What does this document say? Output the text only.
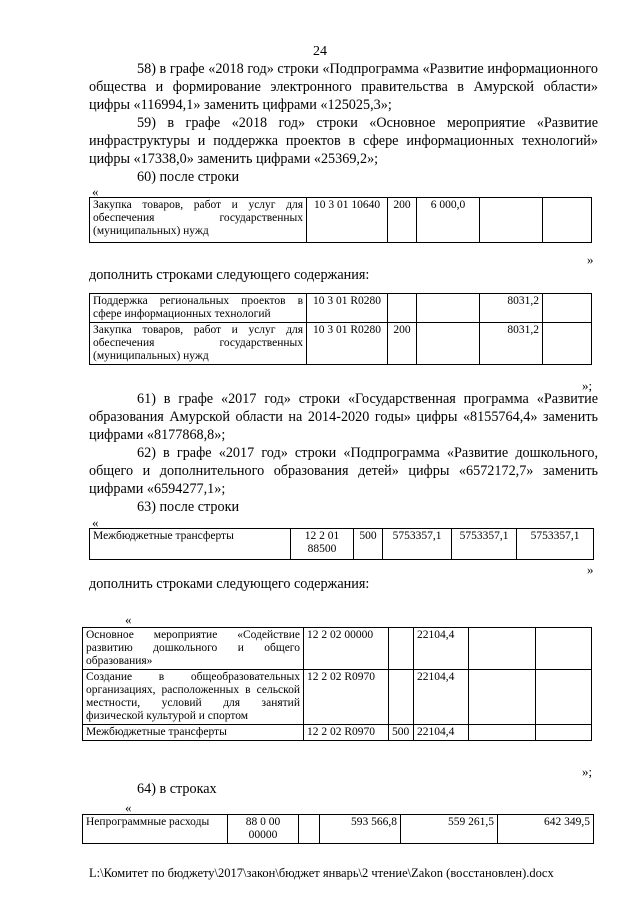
24
58) в графе «2018 год» строки «Подпрограмма «Развитие информационного общества и формирование электронного правительства в Амурской области» цифры «116994,1» заменить цифрами «125025,3»;
59) в графе «2018 год» строки «Основное мероприятие «Развитие инфраструктуры и поддержка проектов в сфере информационных технологий» цифры «17338,0» заменить цифрами «25369,2»;
60) после строки
«
Закупка товаров, работ и услуг для обеспечения государственных (муниципальных) нужд	10 3 01 10640	200	6 000,0		
»
дополнить строками следующего содержания:
Поддержка региональных проектов в сфере информационных технологий	10 3 01 R0280			8031,2	
Закупка товаров, работ и услуг для обеспечения государственных (муниципальных) нужд	10 3 01 R0280	200		8031,2	
»;
61) в графе «2017 год» строки «Государственная программа «Развитие образования Амурской области на 2014-2020 годы» цифры «8155764,4» заменить цифрами «8177868,8»;
62) в графе «2017 год» строки «Подпрограмма «Развитие дошкольного, общего и дополнительного образования детей» цифры «6572172,7» заменить цифрами «6594277,1»;
63) после строки
«
Межбюджетные трансферты	12 2 01 88500	500	5753357,1	5753357,1	5753357,1
»
дополнить строками следующего содержания:
«
Основное мероприятие «Содействие развитию дошкольного и общего образования»	12 2 02 00000		22104,4		
Создание в общеобразовательных организациях, расположенных в сельской местности, условий для занятий физической культурой и спортом	12 2 02 R0970		22104,4		
Межбюджетные трансферты	12 2 02 R0970	500	22104,4		
»;
64) в строках
«
Непрограммные расходы	88 0 00 00000		593 566,8	559 261,5	642 349,5
L:\Комитет по бюджету\2017\закон\бюджет январь\2 чтение\Zakon (восстановлен).docx
